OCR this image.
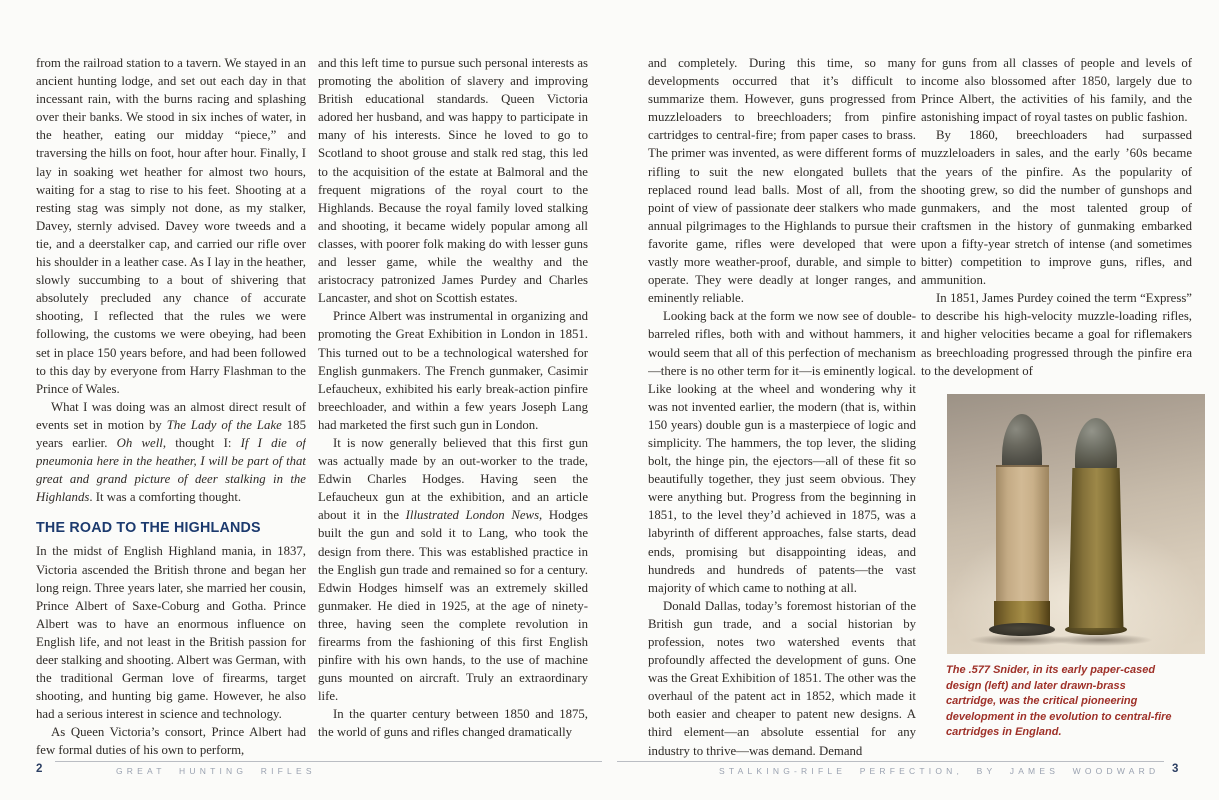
from the railroad station to a tavern. We stayed in an ancient hunting lodge, and set out each day in that incessant rain, with the burns racing and splashing over their banks. We stood in six inches of water, in the heather, eating our midday “piece,” and traversing the hills on foot, hour after hour. Finally, I lay in soaking wet heather for almost two hours, waiting for a stag to rise to his feet. Shooting at a resting stag was simply not done, as my stalker, Davey, sternly advised. Davey wore tweeds and a tie, and a deerstalker cap, and carried our rifle over his shoulder in a leather case. As I lay in the heather, slowly succumbing to a bout of shivering that absolutely precluded any chance of accurate shooting, I reflected that the rules we were following, the customs we were obeying, had been set in place 150 years before, and had been followed to this day by everyone from Harry Flashman to the Prince of Wales.

What I was doing was an almost direct result of events set in motion by The Lady of the Lake 185 years earlier. Oh well, thought I: If I die of pneumonia here in the heather, I will be part of that great and grand picture of deer stalking in the Highlands. It was a comforting thought.

THE ROAD TO THE HIGHLANDS

In the midst of English Highland mania, in 1837, Victoria ascended the British throne and began her long reign. Three years later, she married her cousin, Prince Albert of Saxe-Coburg and Gotha. Prince Albert was to have an enormous influence on English life, and not least in the British passion for deer stalking and shooting. Albert was German, with the traditional German love of firearms, target shooting, and hunting big game. However, he also had a serious interest in science and technology.

As Queen Victoria’s consort, Prince Albert had few formal duties of his own to perform,

and this left time to pursue such personal interests as promoting the abolition of slavery and improving British educational standards. Queen Victoria adored her husband, and was happy to participate in many of his interests. Since he loved to go to Scotland to shoot grouse and stalk red stag, this led to the acquisition of the estate at Balmoral and the frequent migrations of the royal court to the Highlands. Because the royal family loved stalking and shooting, it became widely popular among all classes, with poorer folk making do with lesser guns and lesser game, while the wealthy and the aristocracy patronized James Purdey and Charles Lancaster, and shot on Scottish estates.

Prince Albert was instrumental in organizing and promoting the Great Exhibition in London in 1851. This turned out to be a technological watershed for English gunmakers. The French gunmaker, Casimir Lefaucheux, exhibited his early break-action pinfire breechloader, and within a few years Joseph Lang had marketed the first such gun in London.

It is now generally believed that this first gun was actually made by an out-worker to the trade, Edwin Charles Hodges. Having seen the Lefaucheux gun at the exhibition, and an article about it in the Illustrated London News, Hodges built the gun and sold it to Lang, who took the design from there. This was established practice in the English gun trade and remained so for a century. Edwin Hodges himself was an extremely skilled gunmaker. He died in 1925, at the age of ninety-three, having seen the complete revolution in firearms from the fashioning of this first English pinfire with his own hands, to the use of machine guns mounted on aircraft. Truly an extraordinary life.

In the quarter century between 1850 and 1875, the world of guns and rifles changed dramatically

and completely. During this time, so many developments occurred that it’s difficult to summarize them. However, guns progressed from muzzleloaders to breechloaders; from pinfire cartridges to central-fire; from paper cases to brass. The primer was invented, as were different forms of rifling to suit the new elongated bullets that replaced round lead balls. Most of all, from the point of view of passionate deer stalkers who made annual pilgrimages to the Highlands to pursue their favorite game, rifles were developed that were vastly more weather-proof, durable, and simple to operate. They were deadly at longer ranges, and eminently reliable.

Looking back at the form we now see of double-barreled rifles, both with and without hammers, it would seem that all of this perfection of mechanism—there is no other term for it—is eminently logical. Like looking at the wheel and wondering why it was not invented earlier, the modern (that is, within 150 years) double gun is a masterpiece of logic and simplicity. The hammers, the top lever, the sliding bolt, the hinge pin, the ejectors—all of these fit so beautifully together, they just seem obvious. They were anything but. Progress from the beginning in 1851, to the level they’d achieved in 1875, was a labyrinth of different approaches, false starts, dead ends, promising but disappointing ideas, and hundreds and hundreds of patents—the vast majority of which came to nothing at all.

Donald Dallas, today’s foremost historian of the British gun trade, and a social historian by profession, notes two watershed events that profoundly affected the development of guns. One was the Great Exhibition of 1851. The other was the overhaul of the patent act in 1852, which made it both easier and cheaper to patent new designs. A third element—an absolute essential for any industry to thrive—was demand. Demand

for guns from all classes of people and levels of income also blossomed after 1850, largely due to Prince Albert, the activities of his family, and the astonishing impact of royal tastes on public fashion.

By 1860, breechloaders had surpassed muzzleloaders in sales, and the early ’60s became the years of the pinfire. As the popularity of shooting grew, so did the number of gunshops and gunmakers, and the most talented group of craftsmen in the history of gunmaking embarked upon a fifty-year stretch of intense (and sometimes bitter) competition to improve guns, rifles, and ammunition.

In 1851, James Purdey coined the term “Express” to describe his high-velocity muzzle-loading rifles, and higher velocities became a goal for riflemakers as breechloading progressed through the pinfire era to the development of

The .577 Snider, in its early paper-cased design (left) and later drawn-brass cartridge, was the critical pioneering development in the evolution to central-fire cartridges in England.
2	3
GREAT HUNTING RIFLES	STALKING-RIFLE PERFECTION, BY JAMES WOODWARD
